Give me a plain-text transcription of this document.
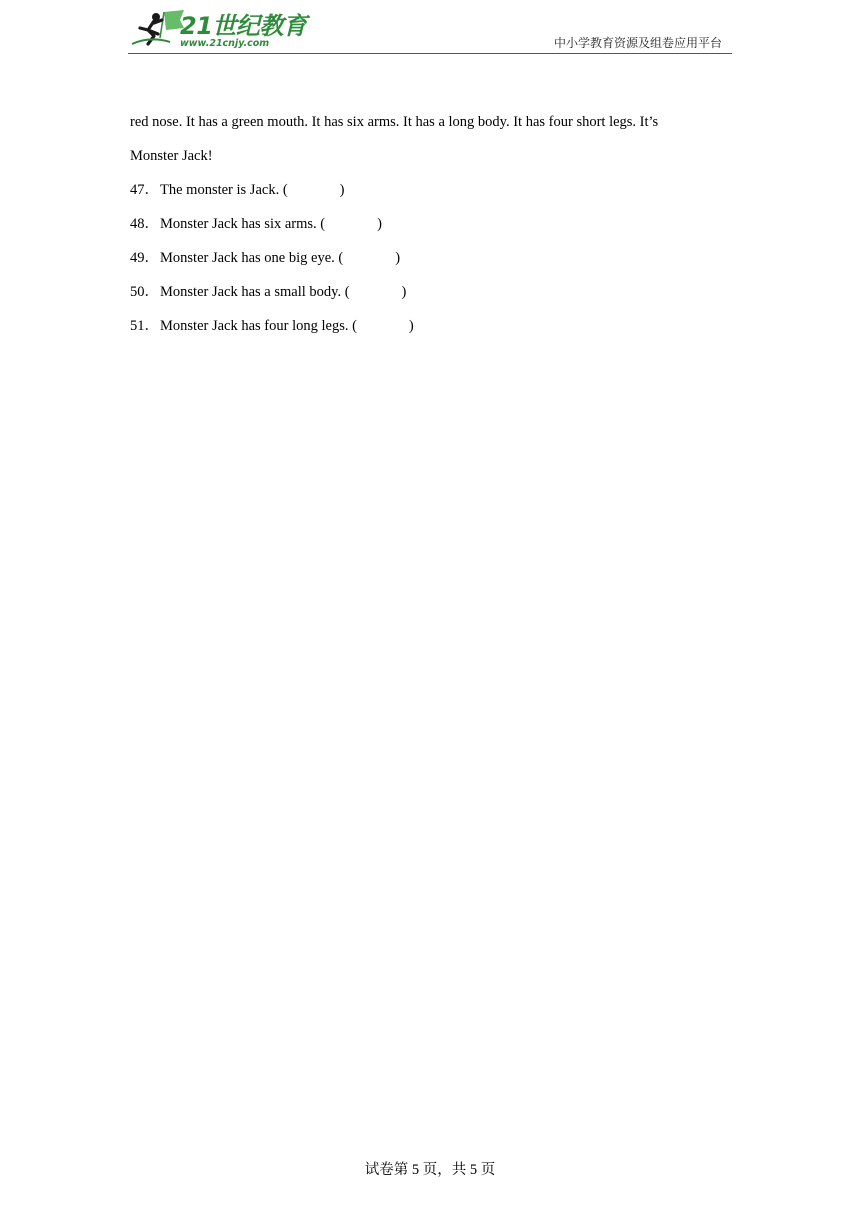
21世纪教育
www.21cnjy.com	中小学教育资源及组卷应用平台
red nose. It has a green mouth. It has six arms. It has a long body. It has four short legs. It’s
Monster Jack!
47．The monster is Jack. (	)
48．Monster Jack has six arms. (	)
49．Monster Jack has one big eye. (	)
50．Monster Jack has a small body. (	)
51．Monster Jack has four long legs. (	)
试卷第 5 页，共 5 页
